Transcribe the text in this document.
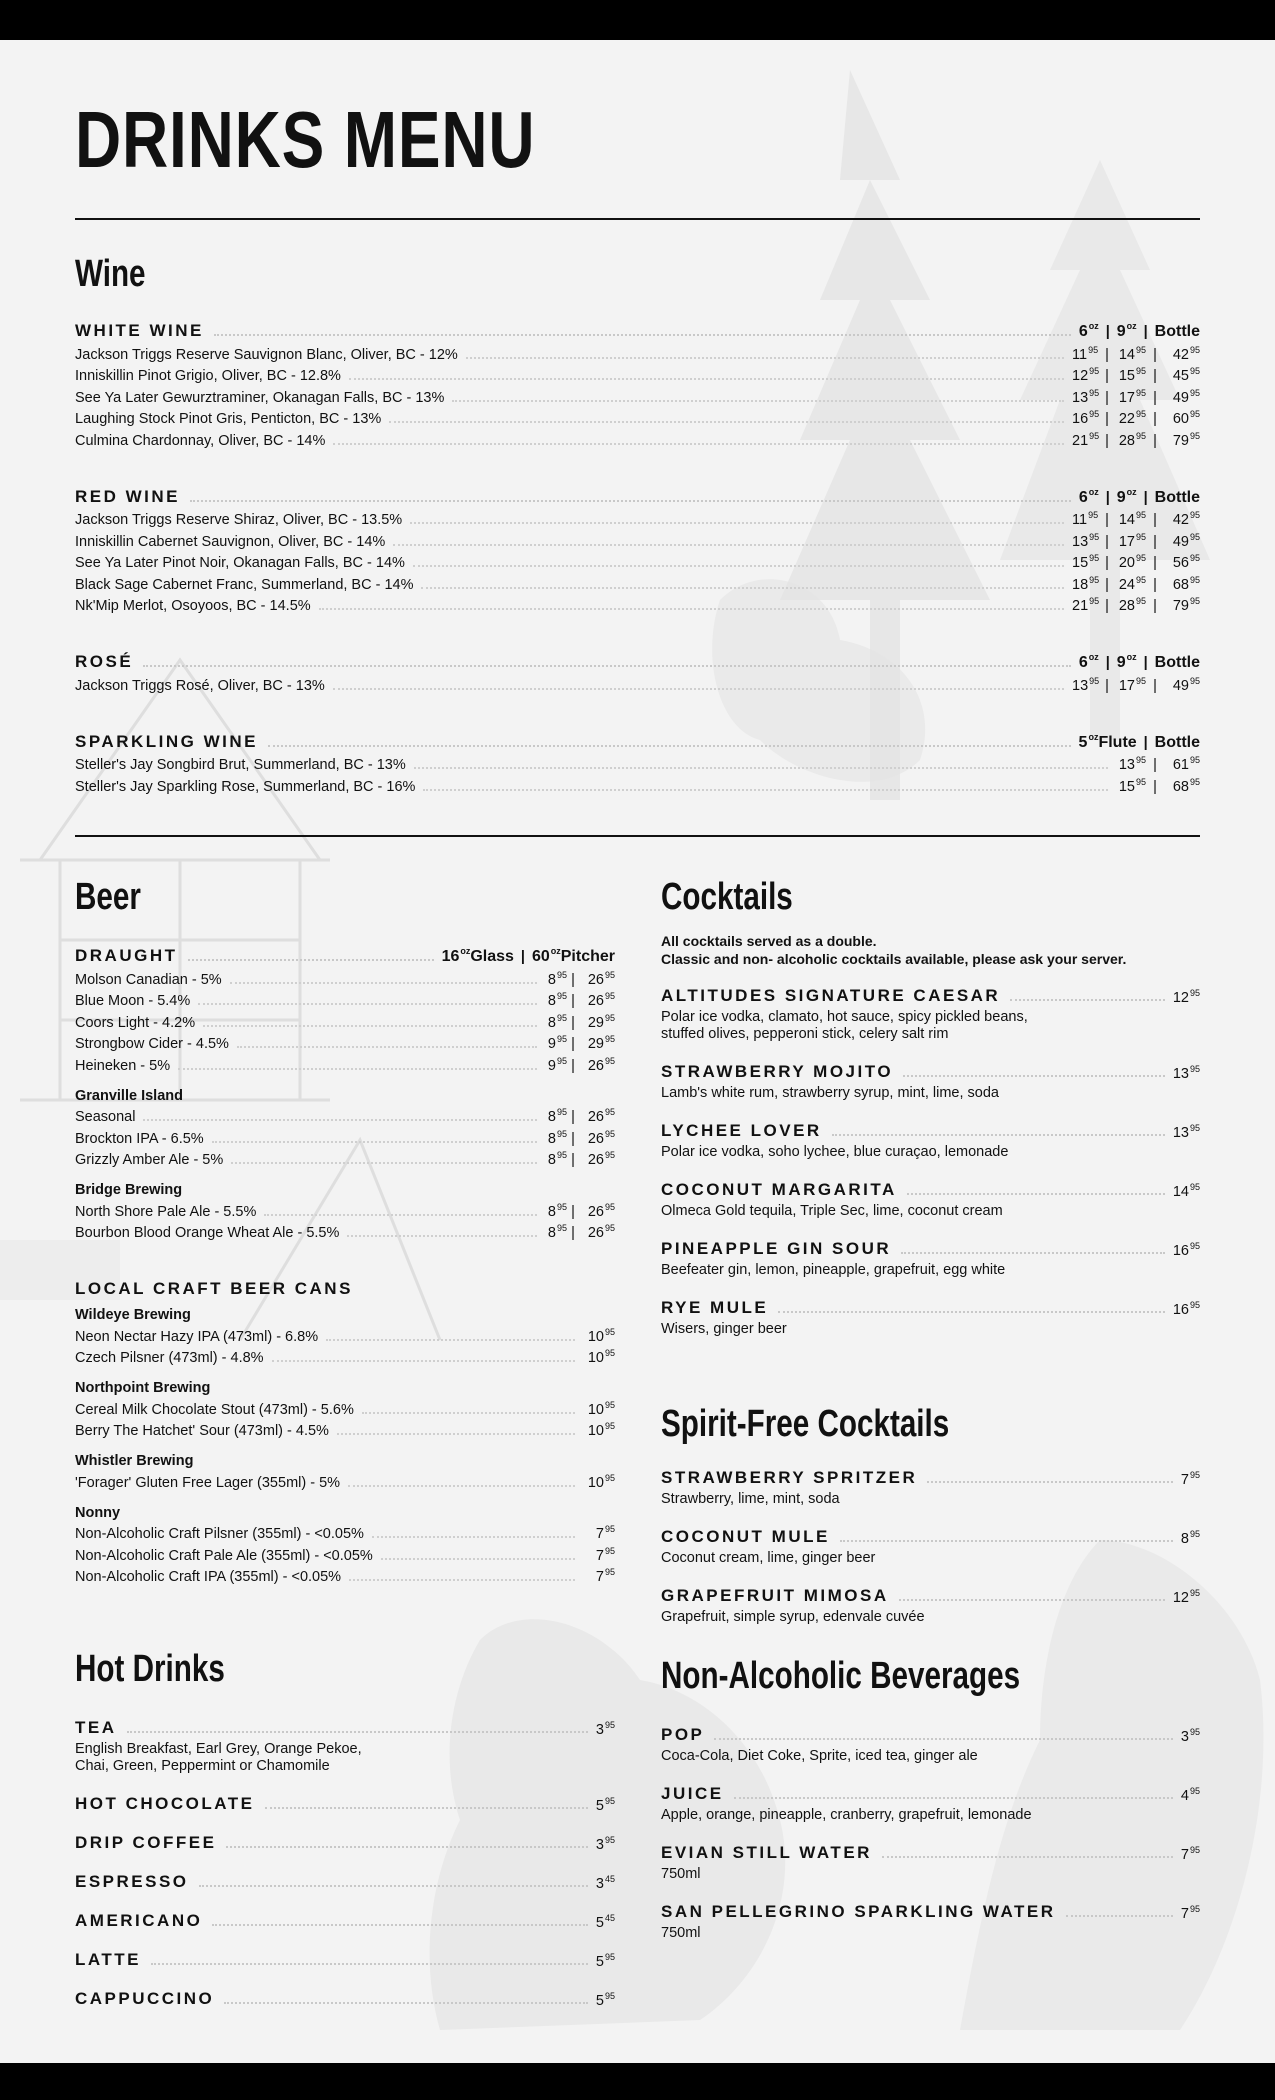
DRINKS MENU
Wine
WHITE WINE	$6^{oz}$ | $9^{oz}$ | Bottle
Jackson Triggs Reserve Sauvignon Blanc, Oliver, BC - 12%	$11^{95}$ | $14^{95}$ |	$42^{95}$
Inniskillin Pinot Grigio, Oliver, BC - 12.8%	$12^{95}$ | $15^{95}$ |	$45^{95}$
See Ya Later Gewurztraminer, Okanagan Falls, BC - 13%	$13^{95}$ | $17^{95}$ |	$49^{95}$
Laughing Stock Pinot Gris, Penticton, BC - 13%	$16^{95}$ | $22^{95}$ |	$60^{95}$
Culmina Chardonnay, Oliver, BC - 14%	$21^{95}$ | $28^{95}$ |	$79^{95}$
RED WINE	$6^{oz}$ | $9^{oz}$ | Bottle
Jackson Triggs Reserve Shiraz, Oliver, BC - 13.5%	$11^{95}$ | $14^{95}$ |	$42^{95}$
Inniskillin Cabernet Sauvignon, Oliver, BC - 14%	$13^{95}$ | $17^{95}$ |	$49^{95}$
See Ya Later Pinot Noir, Okanagan Falls, BC - 14%	$15^{95}$ | $20^{95}$ |	$56^{95}$
Black Sage Cabernet Franc, Summerland, BC - 14%	$18^{95}$ | $24^{95}$ |	$68^{95}$
Nk'Mip Merlot, Osoyoos, BC - 14.5%	$21^{95}$ | $28^{95}$ |	$79^{95}$
ROSÉ	$6^{oz}$ | $9^{oz}$ | Bottle
Jackson Triggs Rosé, Oliver, BC - 13%	$13^{95}$ | $17^{95}$ |	$49^{95}$
SPARKLING WINE	$5^{oz}Flute$ | Bottle
Steller's Jay Songbird Brut, Summerland, BC - 13%	$13^{95}$ |	$61^{95}$
Steller's Jay Sparkling Rose, Summerland, BC - 16%	$15^{95}$ |	$68^{95}$
Beer
DRAUGHT	$16^{oz}Glass$ | $60^{oz}Pitcher$
Molson Canadian - 5%	$8^{95}$ | $26^{95}$
Blue Moon - 5.4%	$8^{95}$ | $26^{95}$
Coors Light - 4.2%	$8^{95}$ | $29^{95}$
Strongbow Cider - 4.5%	$9^{95}$ | $29^{95}$
Heineken - 5%	$9^{95}$ | $26^{95}$
Granville Island
Seasonal	$8^{95}$ | $26^{95}$
Brockton IPA - 6.5%	$8^{95}$ | $26^{95}$
Grizzly Amber Ale - 5%	$8^{95}$ | $26^{95}$
Bridge Brewing
North Shore Pale Ale - 5.5%	$8^{95}$ | $26^{95}$
Bourbon Blood Orange Wheat Ale - 5.5%	$8^{95}$ | $26^{95}$
LOCAL CRAFT BEER CANS
Wildeye Brewing
Neon Nectar Hazy IPA (473ml) - 6.8%	$10^{95}$
Czech Pilsner (473ml) - 4.8%	$10^{95}$
Northpoint Brewing
Cereal Milk Chocolate Stout (473ml) - 5.6%	$10^{95}$
Berry The Hatchet' Sour (473ml) - 4.5%	$10^{95}$
Whistler Brewing
'Forager' Gluten Free Lager (355ml) - 5%	$10^{95}$
Nonny
Non-Alcoholic Craft Pilsner (355ml) - <0.05%	$7^{95}$
Non-Alcoholic Craft Pale Ale (355ml) - <0.05%	$7^{95}$
Non-Alcoholic Craft IPA (355ml) - <0.05%	$7^{95}$
Hot Drinks
TEA	$3^{95}$
English Breakfast, Earl Grey, Orange Pekoe,
Chai, Green, Peppermint or Chamomile
HOT CHOCOLATE	$5^{95}$
DRIP COFFEE	$3^{95}$
ESPRESSO	$3^{45}$
AMERICANO	$5^{45}$
LATTE	$5^{95}$
CAPPUCCINO	$5^{95}$
Cocktails
All cocktails served as a double.
Classic and non- alcoholic cocktails available, please ask your server.
ALTITUDES SIGNATURE CAESAR	$12^{95}$
Polar ice vodka, clamato, hot sauce, spicy pickled beans,
stuffed olives, pepperoni stick, celery salt rim
STRAWBERRY MOJITO	$13^{95}$
Lamb's white rum, strawberry syrup, mint, lime, soda
LYCHEE LOVER	$13^{95}$
Polar ice vodka, soho lychee, blue curaçao, lemonade
COCONUT MARGARITA	$14^{95}$
Olmeca Gold tequila, Triple Sec, lime, coconut cream
PINEAPPLE GIN SOUR	$16^{95}$
Beefeater gin, lemon, pineapple, grapefruit, egg white
RYE MULE	$16^{95}$
Wisers, ginger beer
Spirit-Free Cocktails
STRAWBERRY SPRITZER	$7^{95}$
Strawberry, lime, mint, soda
COCONUT MULE	$8^{95}$
Coconut cream, lime, ginger beer
GRAPEFRUIT MIMOSA	$12^{95}$
Grapefruit, simple syrup, edenvale cuvée
Non-Alcoholic Beverages
POP	$3^{95}$
Coca-Cola, Diet Coke, Sprite, iced tea, ginger ale
JUICE	$4^{95}$
Apple, orange, pineapple, cranberry, grapefruit, lemonade
EVIAN STILL WATER	$7^{95}$
750ml
SAN PELLEGRINO SPARKLING WATER	$7^{95}$
750ml
